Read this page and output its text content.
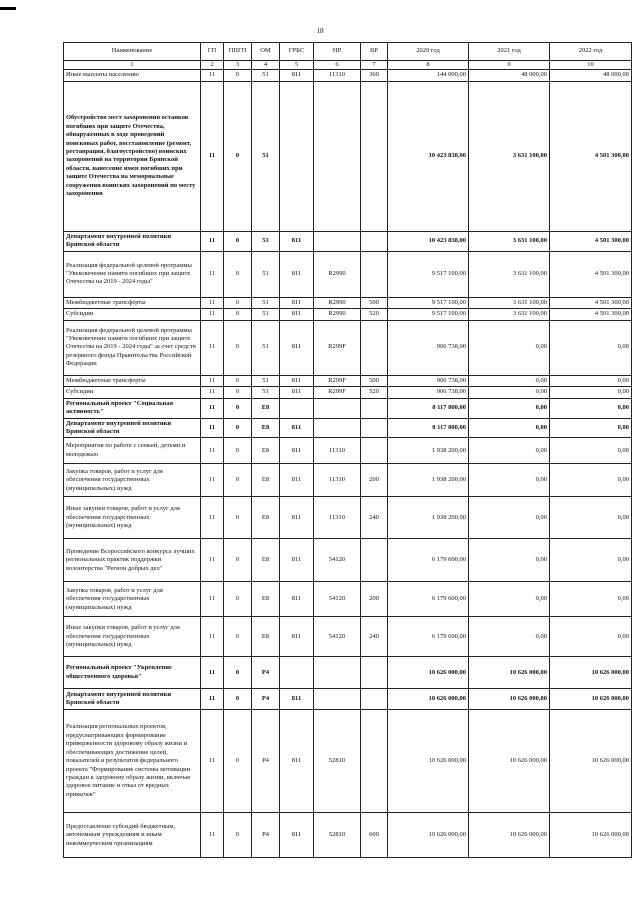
18
Наименование	ГП	ППГП	ОМ	ГРБС	НР	ВР	2020 год	2021 год	2022 год
1	2	3	4	5	6	7	8	9	10
Иные выплаты населению	11	0	51	811	11310	360	144 000,00	48 000,00	48 000,00
Обустройство мест захоронения останков погибших при защите Отечества, обнаруженных в ходе проведений поисковых работ, восстановление (ремонт, реставрация, благоустройство) воинских захоронений на территории Брянской области, нанесение имен погибших при защите Отечества на мемориальные сооружения воинских захоронений по месту захоронения	11	0	51				10 423 838,00	3 631 100,00	4 501 300,00
Департамент внутренней политики Брянской области	11	0	51	811			10 423 838,00	3 631 100,00	4 501 300,00
Реализация федеральной целевой программы "Увековечение памяти погибших при защите Отечества на 2019 - 2024 годы"	11	0	51	811	R2990		9 517 100,00	3 631 100,00	4 501 300,00
Межбюджетные трансферты	11	0	51	811	R2990	500	9 517 100,00	3 631 100,00	4 501 300,00
Субсидии	11	0	51	811	R2990	520	9 517 100,00	3 631 100,00	4 501 300,00
Реализация федеральной целевой программы "Увековечение памяти погибших при защите Отечества на 2019 - 2024 годы" за счет средств резервного фонда Правительства Российской Федерации	11	0	51	811	R299F		906 738,00	0,00	0,00
Межбюджетные трансферты	11	0	51	811	R299F	500	906 738,00	0,00	0,00
Субсидии	11	0	51	811	R299F	520	906 738,00	0,00	0,00
Региональный проект "Социальная активность"	11	0	E8				8 117 800,00	0,00	0,00
Департамент внутренней политики Брянской области	11	0	E8	811			8 117 800,00	0,00	0,00
Мероприятия по работе с семьей, детьми и молодежью	11	0	E8	811	11310		1 938 200,00	0,00	0,00
Закупка товаров, работ и услуг для обеспечения государственных (муниципальных) нужд	11	0	E8	811	11310	200	1 938 200,00	0,00	0,00
Иные закупки товаров, работ и услуг для обеспечения государственных (муниципальных) нужд	11	0	E8	811	11310	240	1 938 200,00	0,00	0,00
Проведение Всероссийского конкурса лучших региональных практик поддержки волонтерства "Регион добрых дел"	11	0	E8	811	54120		6 179 600,00	0,00	0,00
Закупка товаров, работ и услуг для обеспечения государственных (муниципальных) нужд	11	0	E8	811	54120	200	6 179 600,00	0,00	0,00
Иные закупки товаров, работ и услуг для обеспечения государственных (муниципальных) нужд	11	0	E8	811	54120	240	6 179 600,00	0,00	0,00
Региональный проект "Укрепление общественного здоровья"	11	0	P4				10 626 000,00	10 626 000,00	10 626 000,00
Департамент внутренней политики Брянской области	11	0	P4	811			10 626 000,00	10 626 000,00	10 626 000,00
Реализация региональных проектов, предусматривающих формирование приверженности здоровому образу жизни и обеспечивающих достижение целей, показателей и результатов федерального проекта "Формирование системы мотивации граждан к здоровому образу жизни, включая здоровое питание и отказ от вредных привычек"	11	0	P4	811	52810		10 626 000,00	10 626 000,00	10 626 000,00
Предоставление субсидий бюджетным, автономным учреждениям и иным некоммерческим организациям	11	0	P4	811	52810	600	10 626 000,00	10 626 000,00	10 626 000,00
